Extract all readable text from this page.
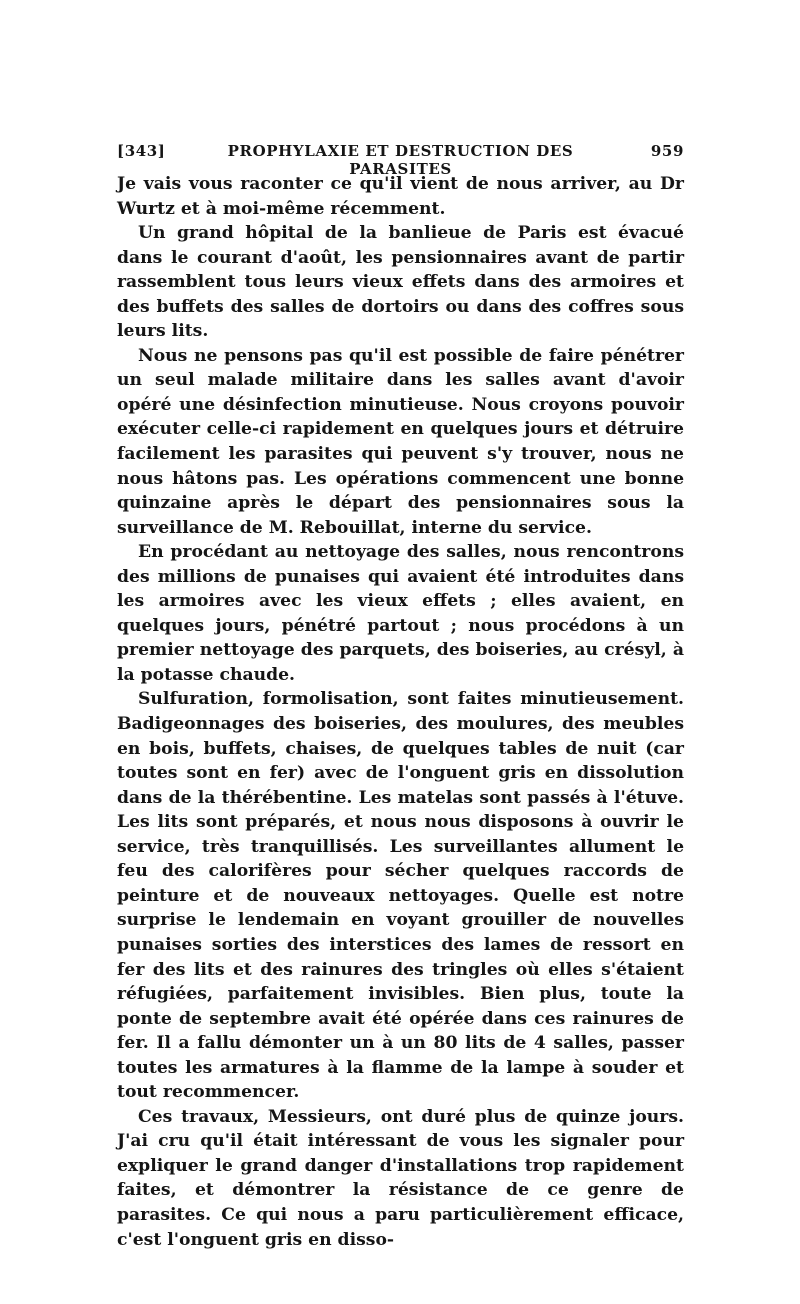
[343]	PROPHYLAXIE ET DESTRUCTION DES PARASITES
959

Je vais vous raconter ce qu'il vient de nous arriver, au Dr Wurtz et à moi-même récemment.

Un grand hôpital de la banlieue de Paris est évacué dans le courant d'août, les pensionnaires avant de partir rassemblent tous leurs vieux effets dans des armoires et des buffets des salles de dortoirs ou dans des coffres sous leurs lits.

Nous ne pensons pas qu'il est possible de faire pénétrer un seul malade militaire dans les salles avant d'avoir opéré une désinfection minutieuse. Nous croyons pouvoir exécuter celle-ci rapidement en quelques jours et détruire facilement les parasites qui peuvent s'y trouver, nous ne nous hâtons pas. Les opérations commencent une bonne quinzaine après le départ des pensionnaires sous la surveillance de M. Rebouillat, interne du service.

En procédant au nettoyage des salles, nous rencontrons des millions de punaises qui avaient été introduites dans les armoires avec les vieux effets ; elles avaient, en quelques jours, pénétré partout ; nous procédons à un premier nettoyage des parquets, des boiseries, au crésyl, à la potasse chaude.

Sulfuration, formolisation, sont faites minutieusement. Badigeonnages des boiseries, des moulures, des meubles en bois, buffets, chaises, de quelques tables de nuit (car toutes sont en fer) avec de l'onguent gris en dissolution dans de la thérébentine. Les matelas sont passés à l'étuve. Les lits sont préparés, et nous nous disposons à ouvrir le service, très tranquillisés. Les surveillantes allument le feu des calorifères pour sécher quelques raccords de peinture et de nouveaux nettoyages. Quelle est notre surprise le lendemain en voyant grouiller de nouvelles punaises sorties des interstices des lames de ressort en fer des lits et des rainures des tringles où elles s'étaient réfugiées, parfaitement invisibles. Bien plus, toute la ponte de septembre avait été opérée dans ces rainures de fer. Il a fallu démonter un à un 80 lits de 4 salles, passer toutes les armatures à la flamme de la lampe à souder et tout recommencer.

Ces travaux, Messieurs, ont duré plus de quinze jours. J'ai cru qu'il était intéressant de vous les signaler pour expliquer le grand danger d'installations trop rapidement faites, et démontrer la résistance de ce genre de parasites. Ce qui nous a paru particulièrement efficace, c'est l'onguent gris en disso-
